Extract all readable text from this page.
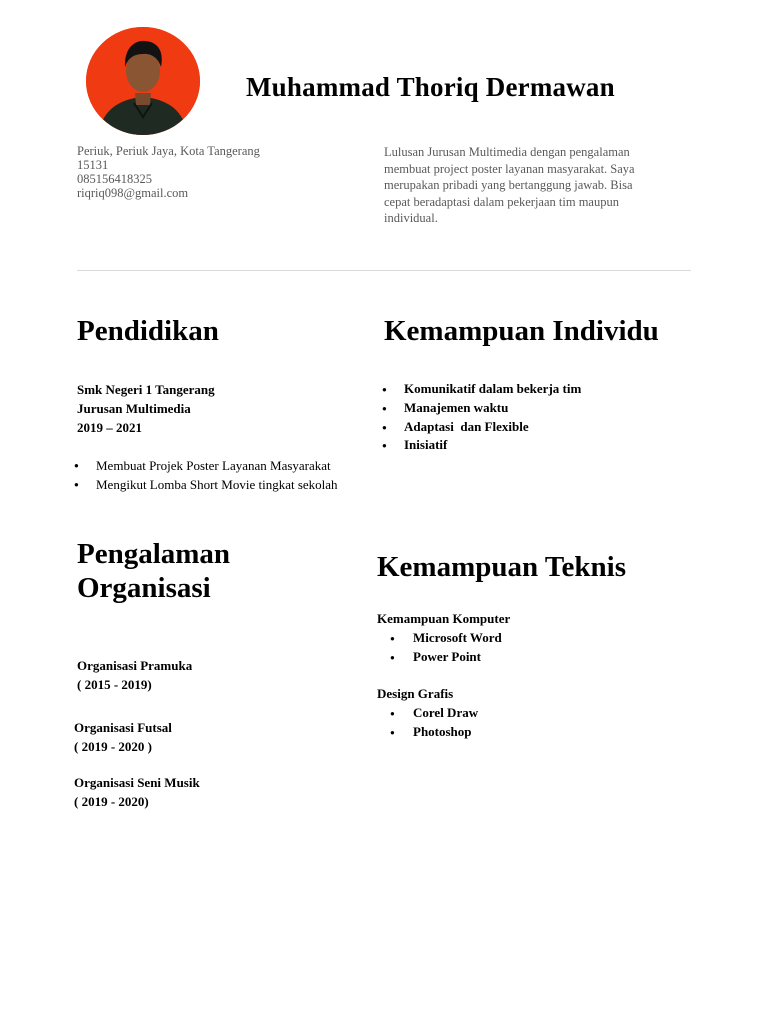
Muhammad Thoriq Dermawan
Periuk, Periuk Jaya, Kota Tangerang
15131
085156418325
riqriq098@gmail.com
Lulusan Jurusan Multimedia dengan pengalaman membuat project poster layanan masyarakat. Saya merupakan pribadi yang bertanggung jawab. Bisa cepat beradaptasi dalam pekerjaan tim maupun individual.
Pendidikan
Smk Negeri 1 Tangerang
Jurusan Multimedia
2019 – 2021
● Membuat Projek Poster Layanan Masyarakat
● Mengikut Lomba Short Movie tingkat sekolah
Kemampuan Individu
● Komunikatif dalam bekerja tim
● Manajemen waktu
● Adaptasi  dan Flexible
● Inisiatif
Pengalaman
Organisasi
Organisasi Pramuka
( 2015 - 2019)
Organisasi Futsal
( 2019 - 2020 )
Organisasi Seni Musik
( 2019 - 2020)
Kemampuan Teknis
Kemampuan Komputer
● Microsoft Word
● Power Point
Design Grafis
● Corel Draw
● Photoshop
